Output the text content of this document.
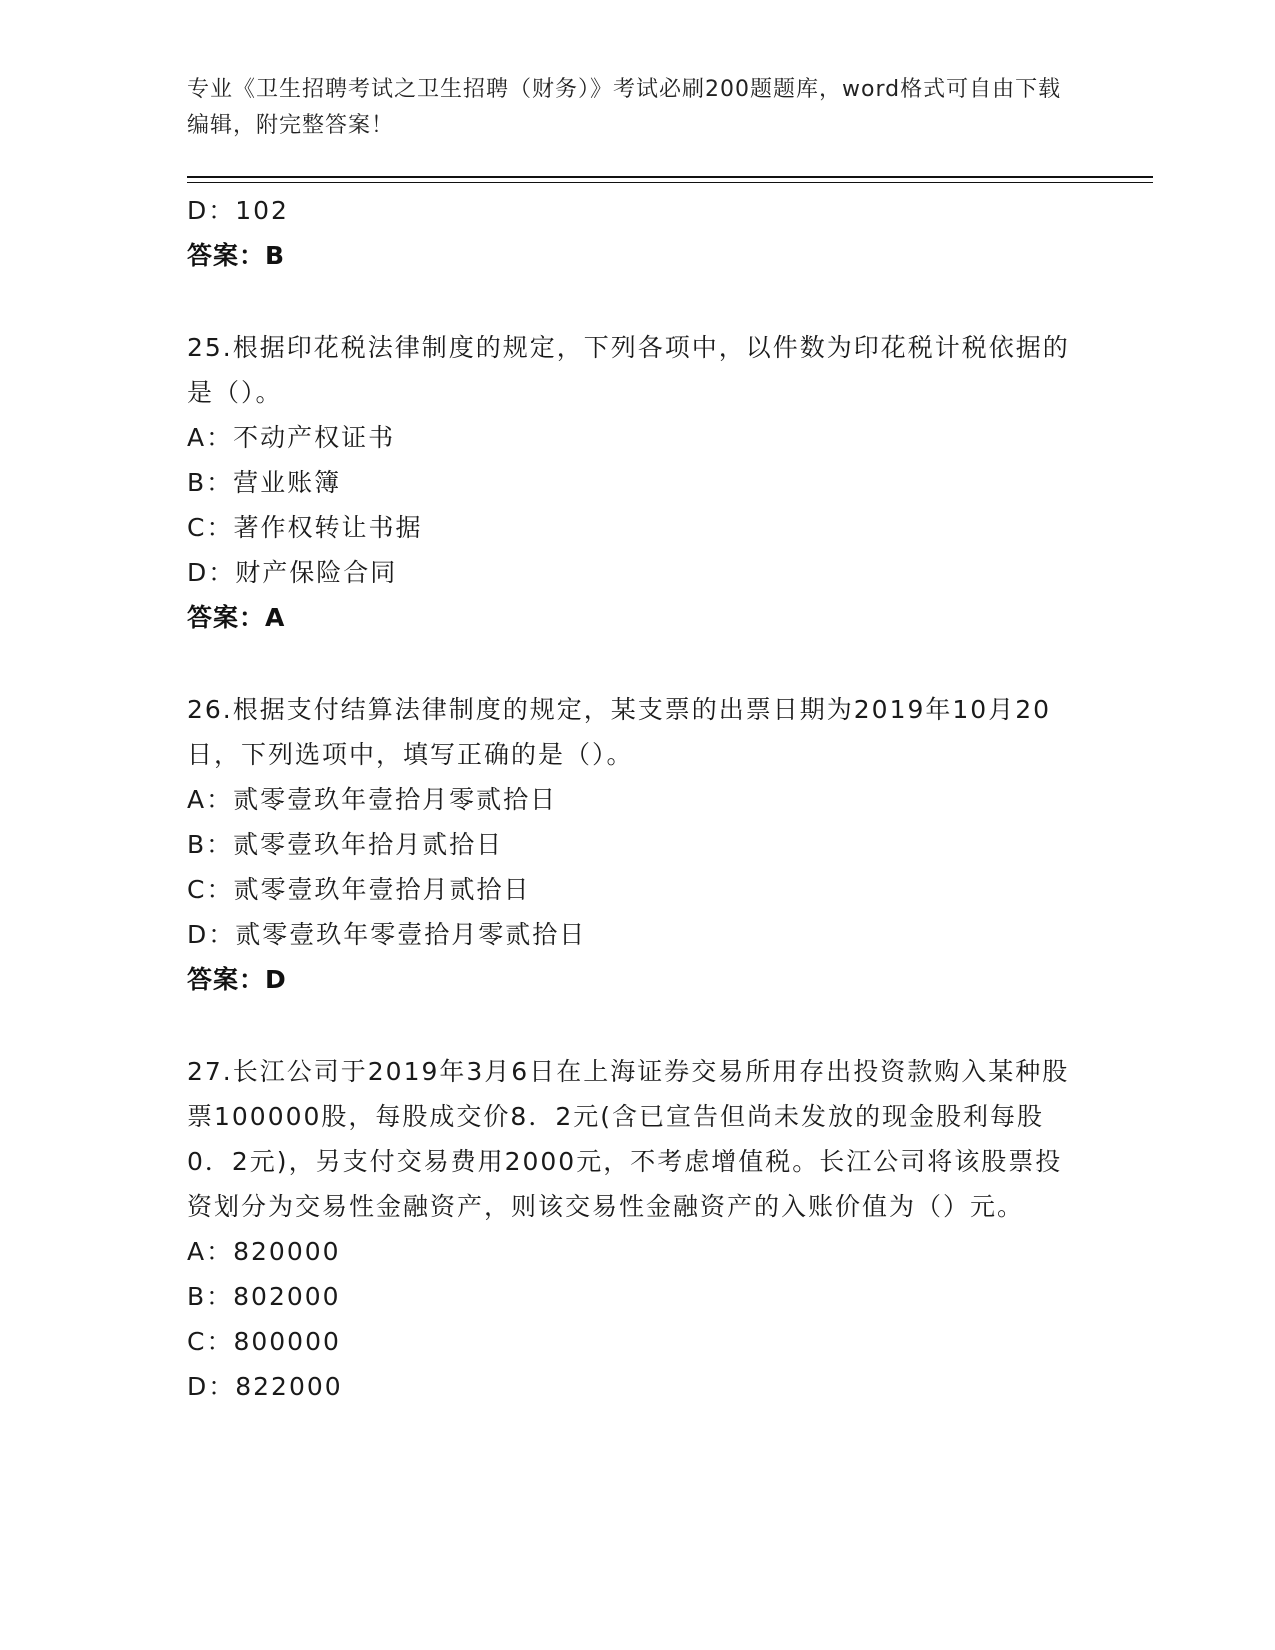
专业《卫生招聘考试之卫生招聘（财务）》考试必刷200题题库，word格式可自由下载编辑，附完整答案！
D：102
答案：B
25.根据印花税法律制度的规定，下列各项中，以件数为印花税计税依据的是（）。
A：不动产权证书
B：营业账簿
C：著作权转让书据
D：财产保险合同
答案：A
26.根据支付结算法律制度的规定，某支票的出票日期为2019年10月20日，下列选项中，填写正确的是（）。
A：贰零壹玖年壹拾月零贰拾日
B：贰零壹玖年拾月贰拾日
C：贰零壹玖年壹拾月贰拾日
D：贰零壹玖年零壹拾月零贰拾日
答案：D
27.长江公司于2019年3月6日在上海证券交易所用存出投资款购入某种股票100000股，每股成交价8．2元(含已宣告但尚未发放的现金股利每股0．2元)，另支付交易费用2000元，不考虑增值税。长江公司将该股票投资划分为交易性金融资产，则该交易性金融资产的入账价值为（）元。
A：820000
B：802000
C：800000
D：822000
